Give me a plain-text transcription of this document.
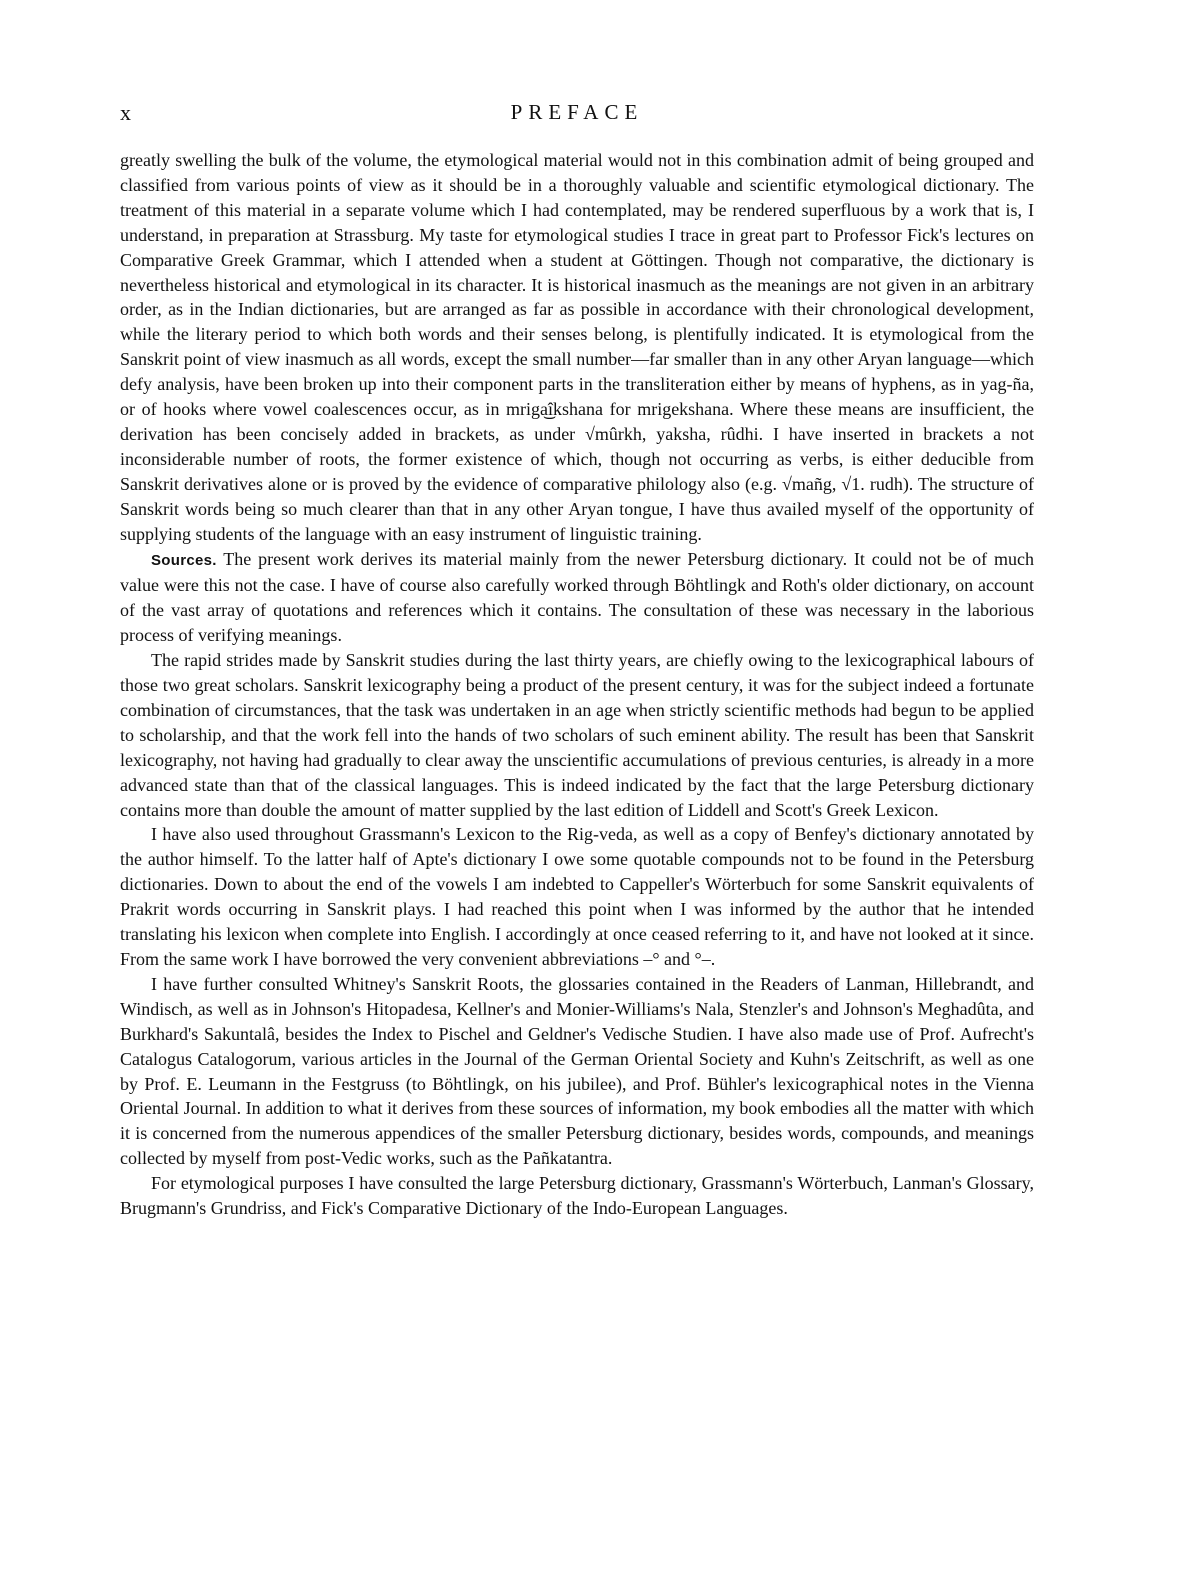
x	PREFACE

greatly swelling the bulk of the volume, the etymological material would not in this combination admit of being grouped and classified from various points of view as it should be in a thoroughly valuable and scientific etymological dictionary. The treatment of this material in a separate volume which I had contemplated, may be rendered superfluous by a work that is, I understand, in preparation at Strassburg. My taste for etymological studies I trace in great part to Professor Fick's lectures on Comparative Greek Grammar, which I attended when a student at Göttingen. Though not comparative, the dictionary is nevertheless historical and etymological in its character. It is historical inasmuch as the meanings are not given in an arbitrary order, as in the Indian dictionaries, but are arranged as far as possible in accordance with their chronological development, while the literary period to which both words and their senses belong, is plentifully indicated. It is etymological from the Sanskrit point of view inasmuch as all words, except the small number—far smaller than in any other Aryan language—which defy analysis, have been broken up into their component parts in the transliteration either by means of hyphens, as in yag-ña, or of hooks where vowel coalescences occur, as in mriga͜îkshana for mrigekshana. Where these means are insufficient, the derivation has been concisely added in brackets, as under √mûrkh, yaksha, rûdhi. I have inserted in brackets a not inconsiderable number of roots, the former existence of which, though not occurring as verbs, is either deducible from Sanskrit derivatives alone or is proved by the evidence of comparative philology also (e.g. √mañg, √1. rudh). The structure of Sanskrit words being so much clearer than that in any other Aryan tongue, I have thus availed myself of the opportunity of supplying students of the language with an easy instrument of linguistic training.

Sources. The present work derives its material mainly from the newer Petersburg dictionary. It could not be of much value were this not the case. I have of course also carefully worked through Böhtlingk and Roth's older dictionary, on account of the vast array of quotations and references which it contains. The consultation of these was necessary in the laborious process of verifying meanings.

The rapid strides made by Sanskrit studies during the last thirty years, are chiefly owing to the lexicographical labours of those two great scholars. Sanskrit lexicography being a product of the present century, it was for the subject indeed a fortunate combination of circumstances, that the task was undertaken in an age when strictly scientific methods had begun to be applied to scholarship, and that the work fell into the hands of two scholars of such eminent ability. The result has been that Sanskrit lexicography, not having had gradually to clear away the unscientific accumulations of previous centuries, is already in a more advanced state than that of the classical languages. This is indeed indicated by the fact that the large Petersburg dictionary contains more than double the amount of matter supplied by the last edition of Liddell and Scott's Greek Lexicon.

I have also used throughout Grassmann's Lexicon to the Rig-veda, as well as a copy of Benfey's dictionary annotated by the author himself. To the latter half of Apte's dictionary I owe some quotable compounds not to be found in the Petersburg dictionaries. Down to about the end of the vowels I am indebted to Cappeller's Wörterbuch for some Sanskrit equivalents of Prakrit words occurring in Sanskrit plays. I had reached this point when I was informed by the author that he intended translating his lexicon when complete into English. I accordingly at once ceased referring to it, and have not looked at it since. From the same work I have borrowed the very convenient abbreviations –° and °–.

I have further consulted Whitney's Sanskrit Roots, the glossaries contained in the Readers of Lanman, Hillebrandt, and Windisch, as well as in Johnson's Hitopadesa, Kellner's and Monier-Williams's Nala, Stenzler's and Johnson's Meghadûta, and Burkhard's Sakuntalâ, besides the Index to Pischel and Geldner's Vedische Studien. I have also made use of Prof. Aufrecht's Catalogus Catalogorum, various articles in the Journal of the German Oriental Society and Kuhn's Zeitschrift, as well as one by Prof. E. Leumann in the Festgruss (to Böhtlingk, on his jubilee), and Prof. Bühler's lexicographical notes in the Vienna Oriental Journal. In addition to what it derives from these sources of information, my book embodies all the matter with which it is concerned from the numerous appendices of the smaller Petersburg dictionary, besides words, compounds, and meanings collected by myself from post-Vedic works, such as the Pañkatantra.

For etymological purposes I have consulted the large Petersburg dictionary, Grassmann's Wörterbuch, Lanman's Glossary, Brugmann's Grundriss, and Fick's Comparative Dictionary of the Indo-European Languages.
